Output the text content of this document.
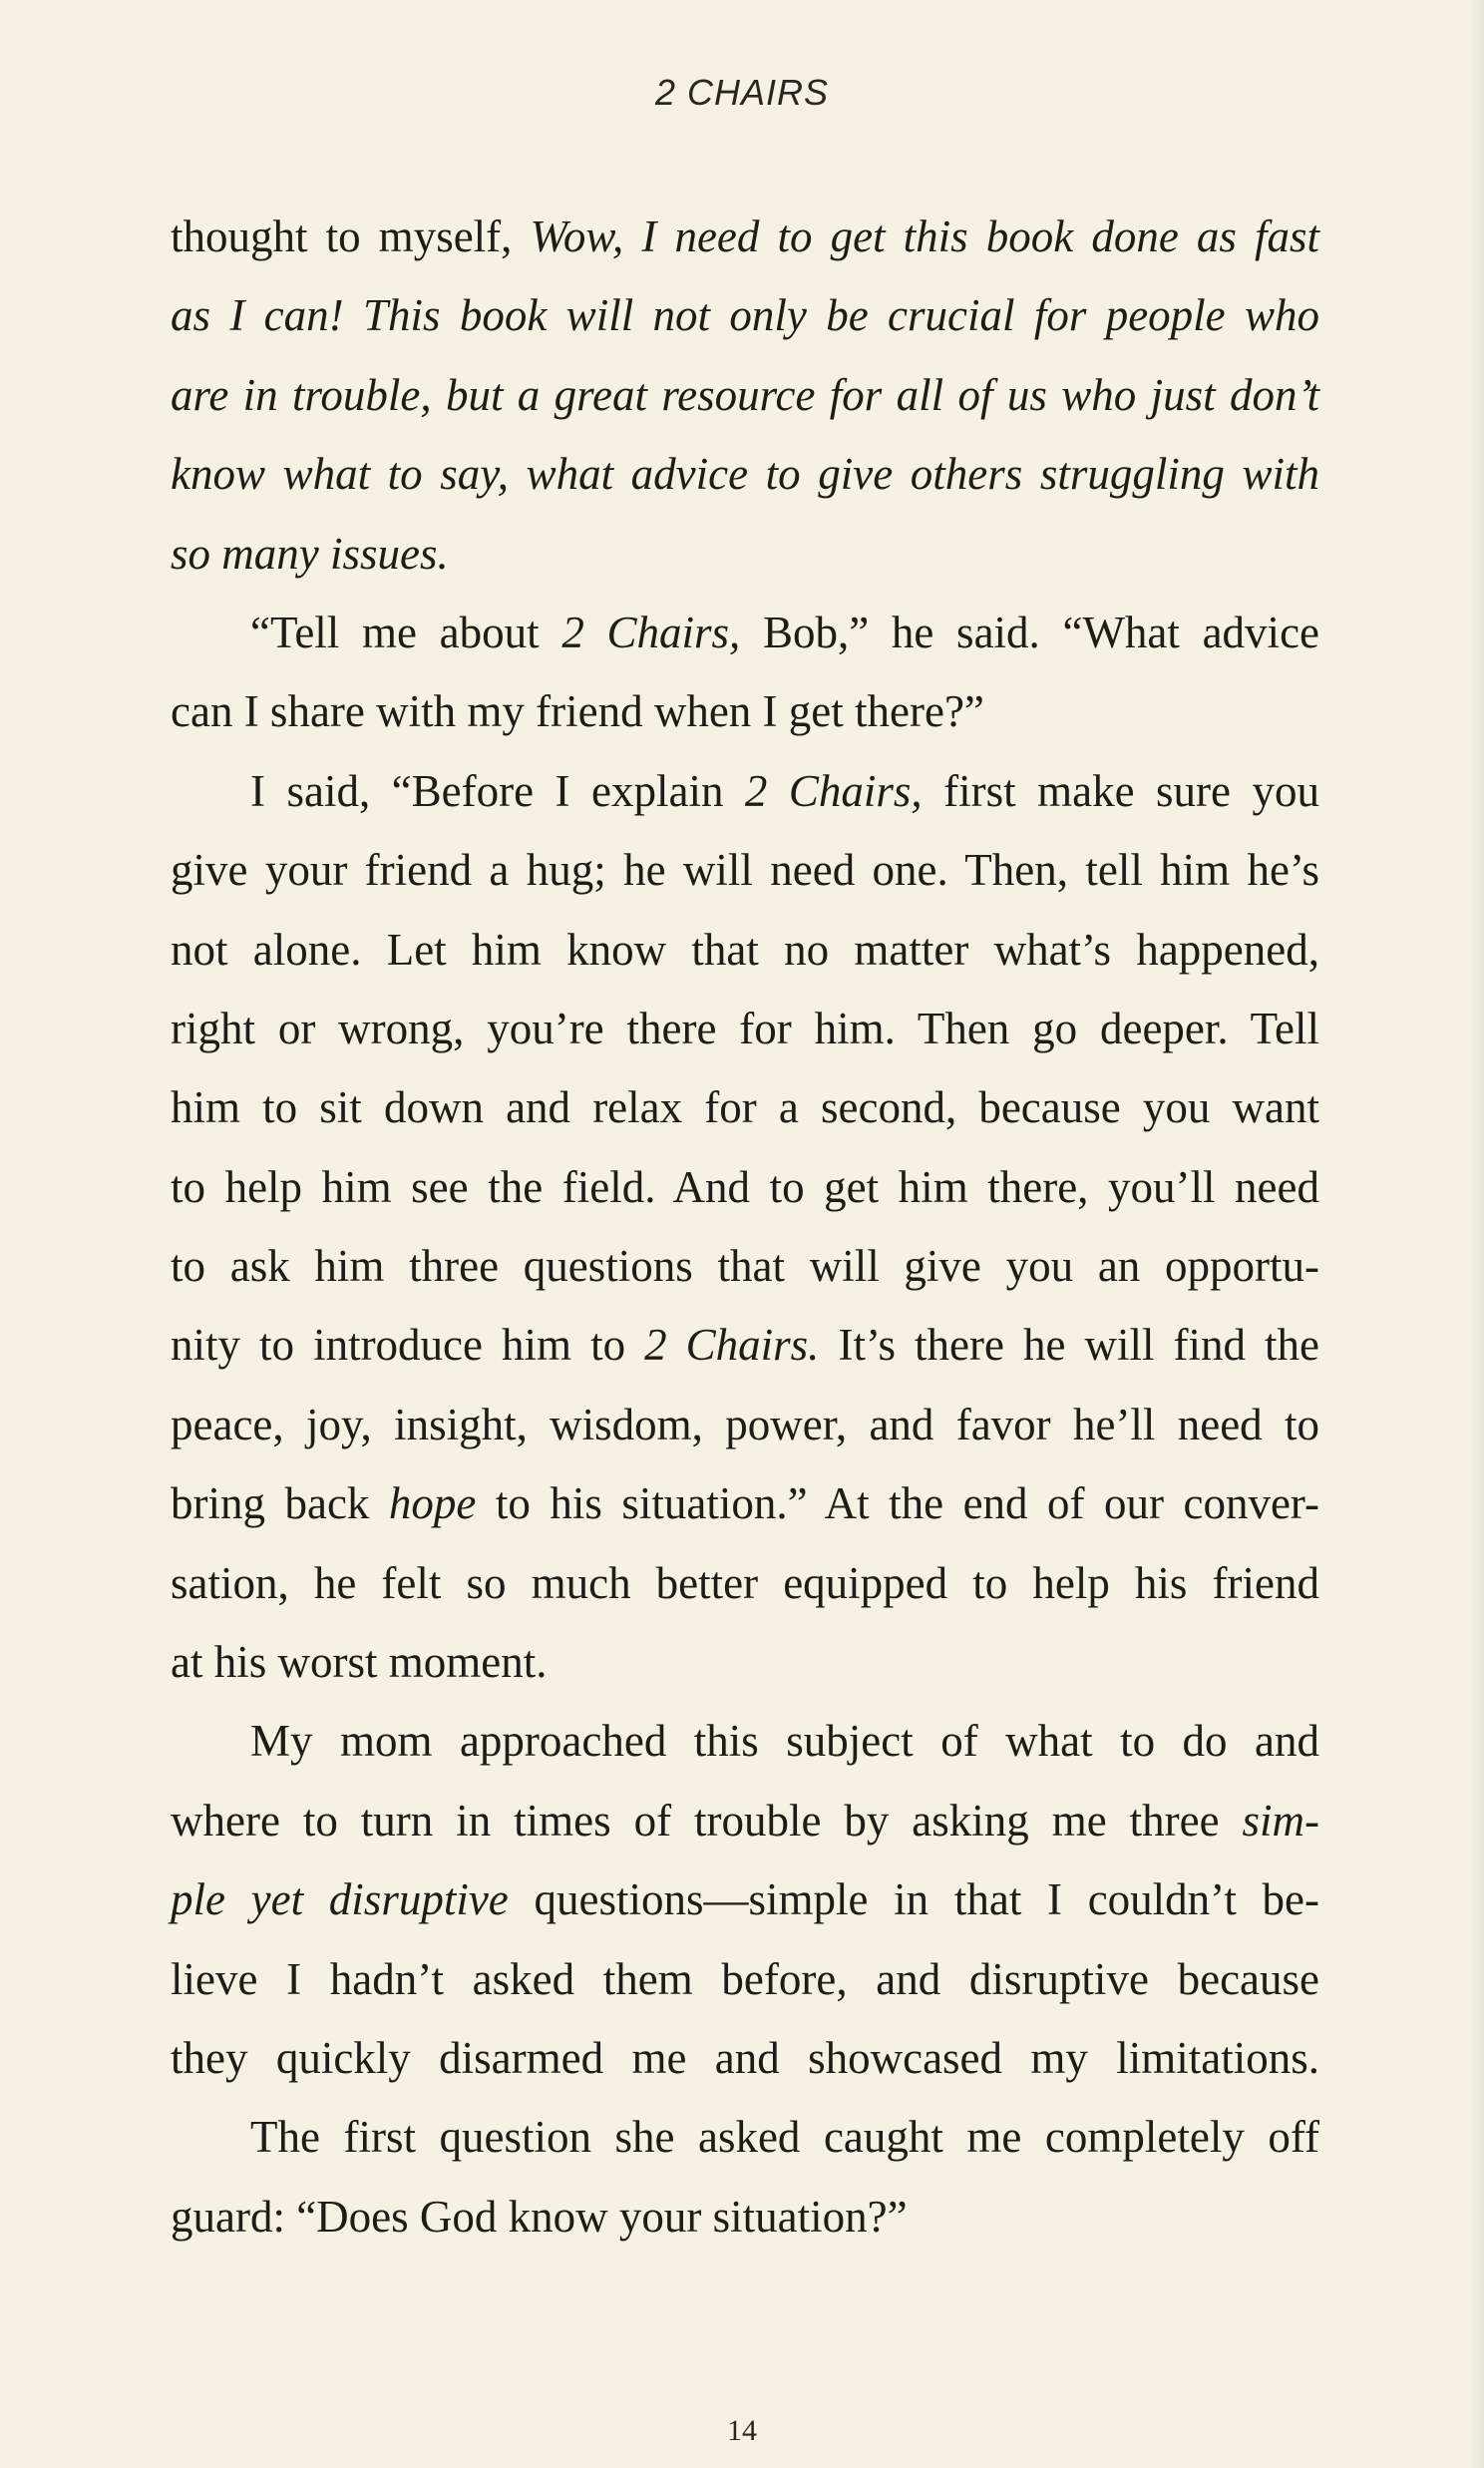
2 CHAIRS
thought to myself, Wow, I need to get this book done as fast
as I can! This book will not only be crucial for people who
are in trouble, but a great resource for all of us who just don’t
know what to say, what advice to give others struggling with
so many issues.
“Tell me about 2 Chairs, Bob,” he said. “What advice
can I share with my friend when I get there?”
I said, “Before I explain 2 Chairs, first make sure you
give your friend a hug; he will need one. Then, tell him he’s
not alone. Let him know that no matter what’s happened,
right or wrong, you’re there for him. Then go deeper. Tell
him to sit down and relax for a second, because you want
to help him see the field. And to get him there, you’ll need
to ask him three questions that will give you an opportu-
nity to introduce him to 2 Chairs. It’s there he will find the
peace, joy, insight, wisdom, power, and favor he’ll need to
bring back hope to his situation.” At the end of our conver-
sation, he felt so much better equipped to help his friend
at his worst moment.
My mom approached this subject of what to do and
where to turn in times of trouble by asking me three sim-
ple yet disruptive questions—simple in that I couldn’t be-
lieve I hadn’t asked them before, and disruptive because
they quickly disarmed me and showcased my limitations.
The first question she asked caught me completely off
guard: “Does God know your situation?”
14
